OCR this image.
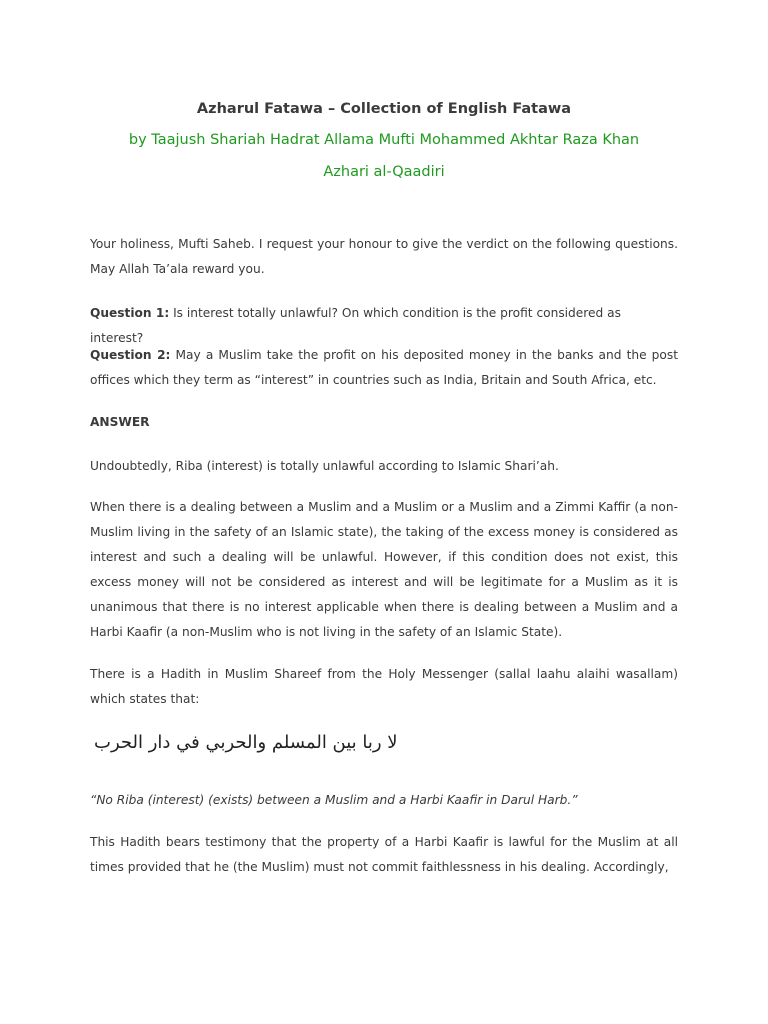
Azharul Fatawa – Collection of English Fatawa
by Taajush Shariah Hadrat Allama Mufti Mohammed Akhtar Raza Khan
Azhari al-Qaadiri
Your holiness, Mufti Saheb. I request your honour to give the verdict on the following questions. May Allah Ta’ala reward you.
Question 1: Is interest totally unlawful? On which condition is the profit considered as interest?
Question 2: May a Muslim take the profit on his deposited money in the banks and the post offices which they term as “interest” in countries such as India, Britain and South Africa, etc.
ANSWER
Undoubtedly, Riba (interest) is totally unlawful according to Islamic Shari’ah.
When there is a dealing between a Muslim and a Muslim or a Muslim and a Zimmi Kaffir (a non-Muslim living in the safety of an Islamic state), the taking of the excess money is considered as interest and such a dealing will be unlawful. However, if this condition does not exist, this excess money will not be considered as interest and will be legitimate for a Muslim as it is unanimous that there is no interest applicable when there is dealing between a Muslim and a Harbi Kaafir (a non-Muslim who is not living in the safety of an Islamic State).
There is a Hadith in Muslim Shareef from the Holy Messenger (sallal laahu alaihi wasallam) which states that:
لا ربا بين المسلم والحربي في دار الحرب
“No Riba (interest) (exists) between a Muslim and a Harbi Kaafir in Darul Harb.”
This Hadith bears testimony that the property of a Harbi Kaafir is lawful for the Muslim at all times provided that he (the Muslim) must not commit faithlessness in his dealing. Accordingly,
